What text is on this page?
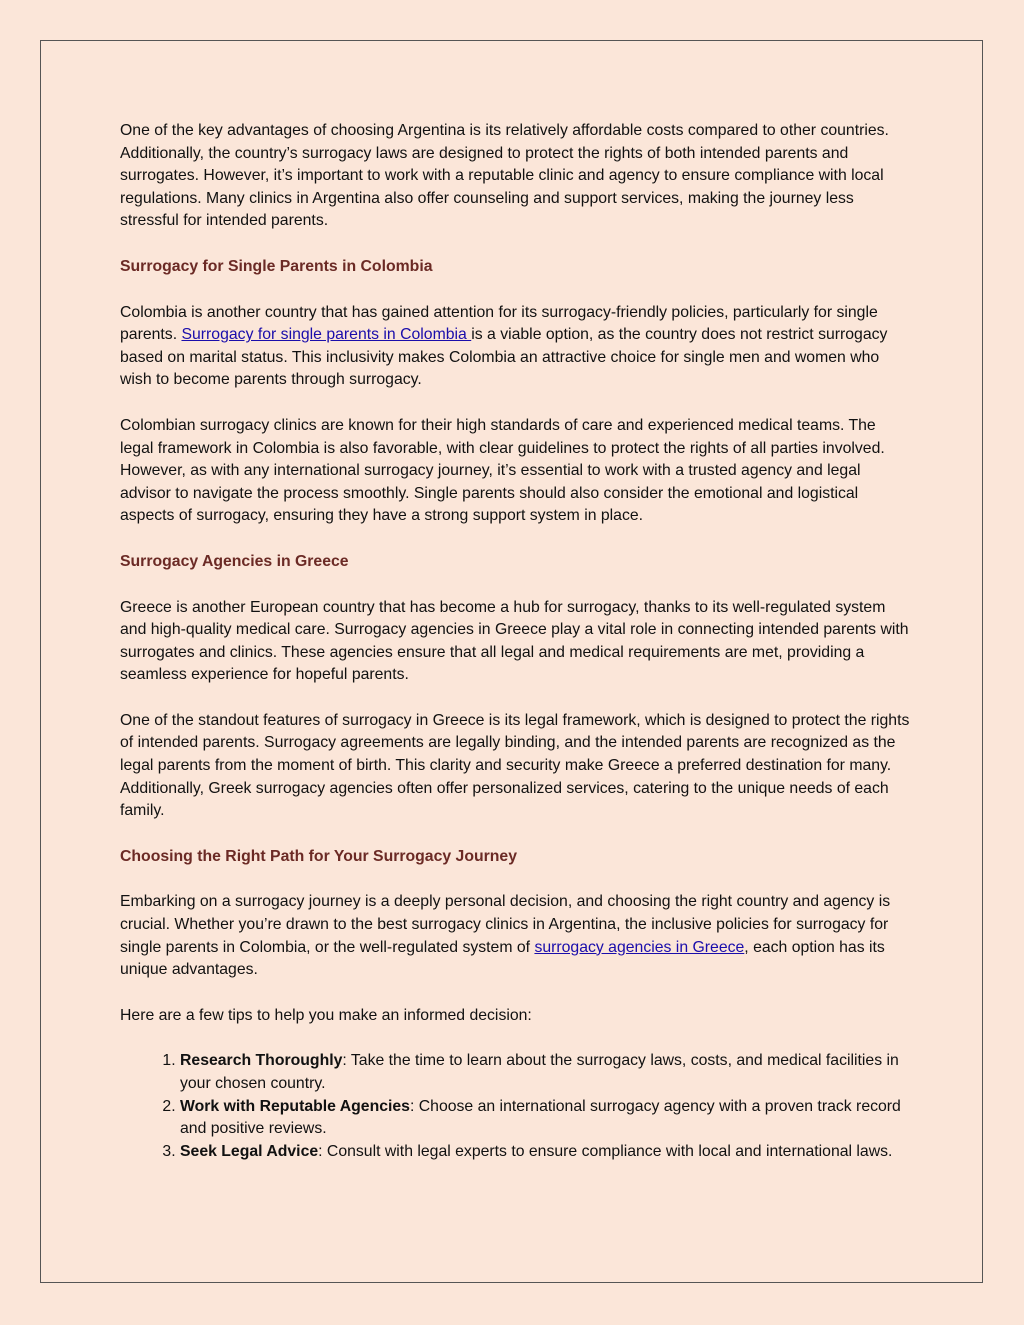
One of the key advantages of choosing Argentina is its relatively affordable costs compared to other countries. Additionally, the country’s surrogacy laws are designed to protect the rights of both intended parents and surrogates. However, it’s important to work with a reputable clinic and agency to ensure compliance with local regulations. Many clinics in Argentina also offer counseling and support services, making the journey less stressful for intended parents.

Surrogacy for Single Parents in Colombia

Colombia is another country that has gained attention for its surrogacy-friendly policies, particularly for single parents. Surrogacy for single parents in Colombia is a viable option, as the country does not restrict surrogacy based on marital status. This inclusivity makes Colombia an attractive choice for single men and women who wish to become parents through surrogacy.

Colombian surrogacy clinics are known for their high standards of care and experienced medical teams. The legal framework in Colombia is also favorable, with clear guidelines to protect the rights of all parties involved. However, as with any international surrogacy journey, it’s essential to work with a trusted agency and legal advisor to navigate the process smoothly. Single parents should also consider the emotional and logistical aspects of surrogacy, ensuring they have a strong support system in place.

Surrogacy Agencies in Greece

Greece is another European country that has become a hub for surrogacy, thanks to its well-regulated system and high-quality medical care. Surrogacy agencies in Greece play a vital role in connecting intended parents with surrogates and clinics. These agencies ensure that all legal and medical requirements are met, providing a seamless experience for hopeful parents.

One of the standout features of surrogacy in Greece is its legal framework, which is designed to protect the rights of intended parents. Surrogacy agreements are legally binding, and the intended parents are recognized as the legal parents from the moment of birth. This clarity and security make Greece a preferred destination for many. Additionally, Greek surrogacy agencies often offer personalized services, catering to the unique needs of each family.

Choosing the Right Path for Your Surrogacy Journey

Embarking on a surrogacy journey is a deeply personal decision, and choosing the right country and agency is crucial. Whether you’re drawn to the best surrogacy clinics in Argentina, the inclusive policies for surrogacy for single parents in Colombia, or the well-regulated system of surrogacy agencies in Greece, each option has its unique advantages.

Here are a few tips to help you make an informed decision:

1. Research Thoroughly: Take the time to learn about the surrogacy laws, costs, and medical facilities in your chosen country.
2. Work with Reputable Agencies: Choose an international surrogacy agency with a proven track record and positive reviews.
3. Seek Legal Advice: Consult with legal experts to ensure compliance with local and international laws.
